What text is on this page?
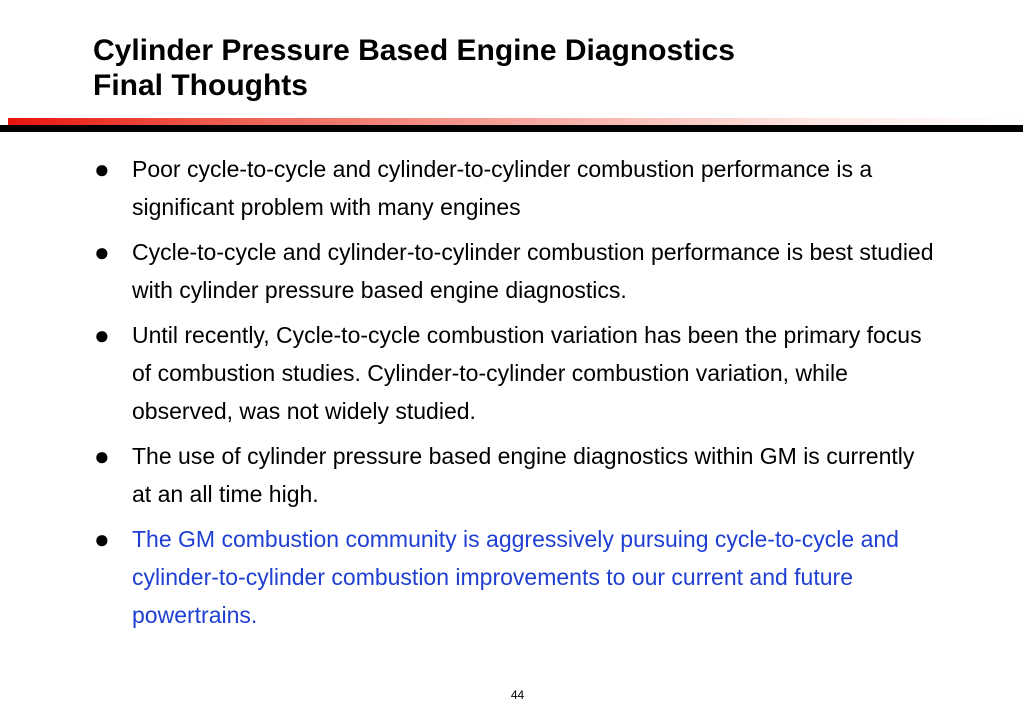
Cylinder Pressure Based Engine Diagnostics
Final Thoughts
● Poor cycle-to-cycle and cylinder-to-cylinder combustion performance is a significant problem with many engines
● Cycle-to-cycle and cylinder-to-cylinder combustion performance is best studied with cylinder pressure based engine diagnostics.
● Until recently, Cycle-to-cycle combustion variation has been the primary focus of combustion studies. Cylinder-to-cylinder combustion variation, while observed, was not widely studied.
● The use of cylinder pressure based engine diagnostics within GM is currently at an all time high.
● The GM combustion community is aggressively pursuing cycle-to-cycle and cylinder-to-cylinder combustion improvements to our current and future powertrains.
44
